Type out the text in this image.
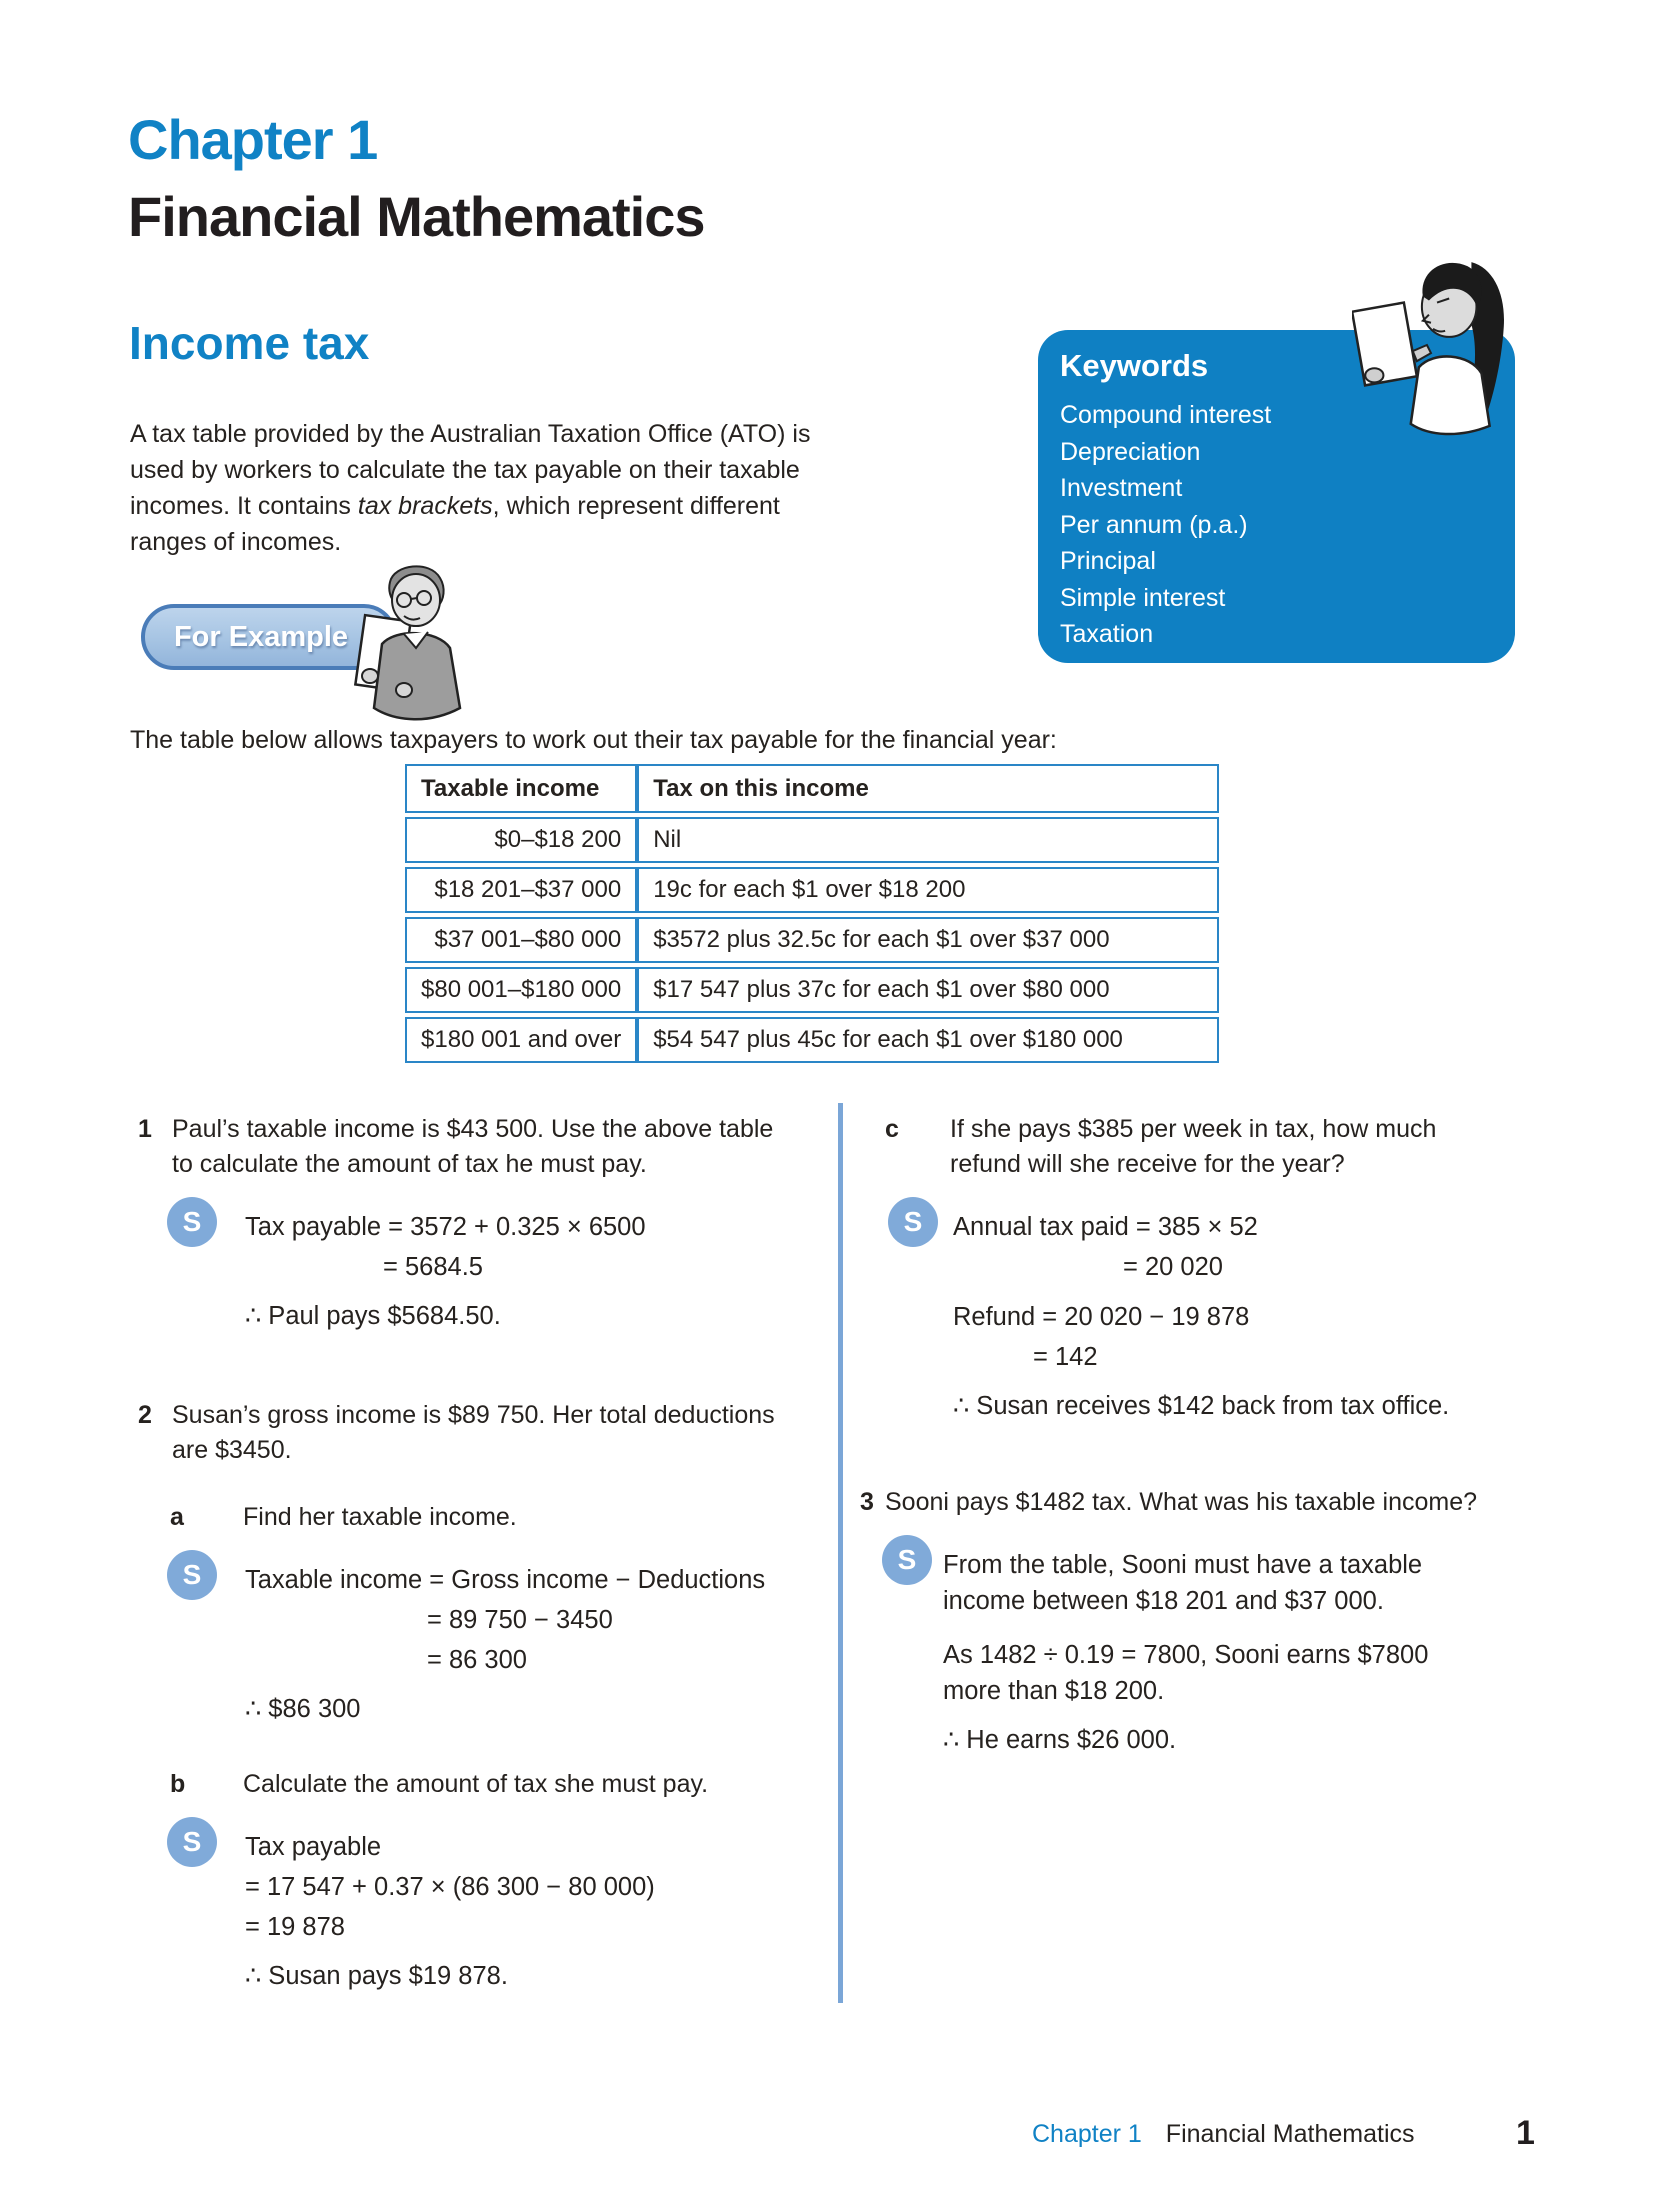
Chapter 1
Financial Mathematics
Income tax

A tax table provided by the Australian Taxation Office (ATO) is used by workers to calculate the tax payable on their taxable incomes. It contains tax brackets, which represent different ranges of incomes.

Keywords
Compound interest
Depreciation
Investment
Per annum (p.a.)
Principal
Simple interest
Taxation
For Example

The table below allows taxpayers to work out their tax payable for the financial year:

Taxable income	Tax on this income
$0–$18 200	Nil
$18 201–$37 000	19c for each $1 over $18 200
$37 001–$80 000	$3572 plus 32.5c for each $1 over $37 000
$80 001–$180 000	$17 547 plus 37c for each $1 over $80 000
$180 001 and over	$54 547 plus 45c for each $1 over $180 000
1 Paul’s taxable income is $43 500. Use the above table to calculate the amount of tax he must pay.
S	Tax payable = 3572 + 0.325 × 6500
= 5684.5
∴ Paul pays $5684.50.
2 Susan’s gross income is $89 750. Her total deductions are $3450.
a	Find her taxable income.
S	Taxable income = Gross income − Deductions
= 89 750 − 3450
= 86 300
∴ $86 300
b	Calculate the amount of tax she must pay.
S	Tax payable
= 17 547 + 0.37 × (86 300 − 80 000)
= 19 878
∴ Susan pays $19 878.
c	If she pays $385 per week in tax, how much refund will she receive for the year?
S	Annual tax paid = 385 × 52
= 20 020
Refund = 20 020 − 19 878
= 142
∴ Susan receives $142 back from tax office.
3 Sooni pays $1482 tax. What was his taxable income?
S	From the table, Sooni must have a taxable income between $18 201 and $37 000.
As 1482 ÷ 0.19 = 7800, Sooni earns $7800 more than $18 200.
∴ He earns $26 000.
Chapter 1 Financial Mathematics	1
